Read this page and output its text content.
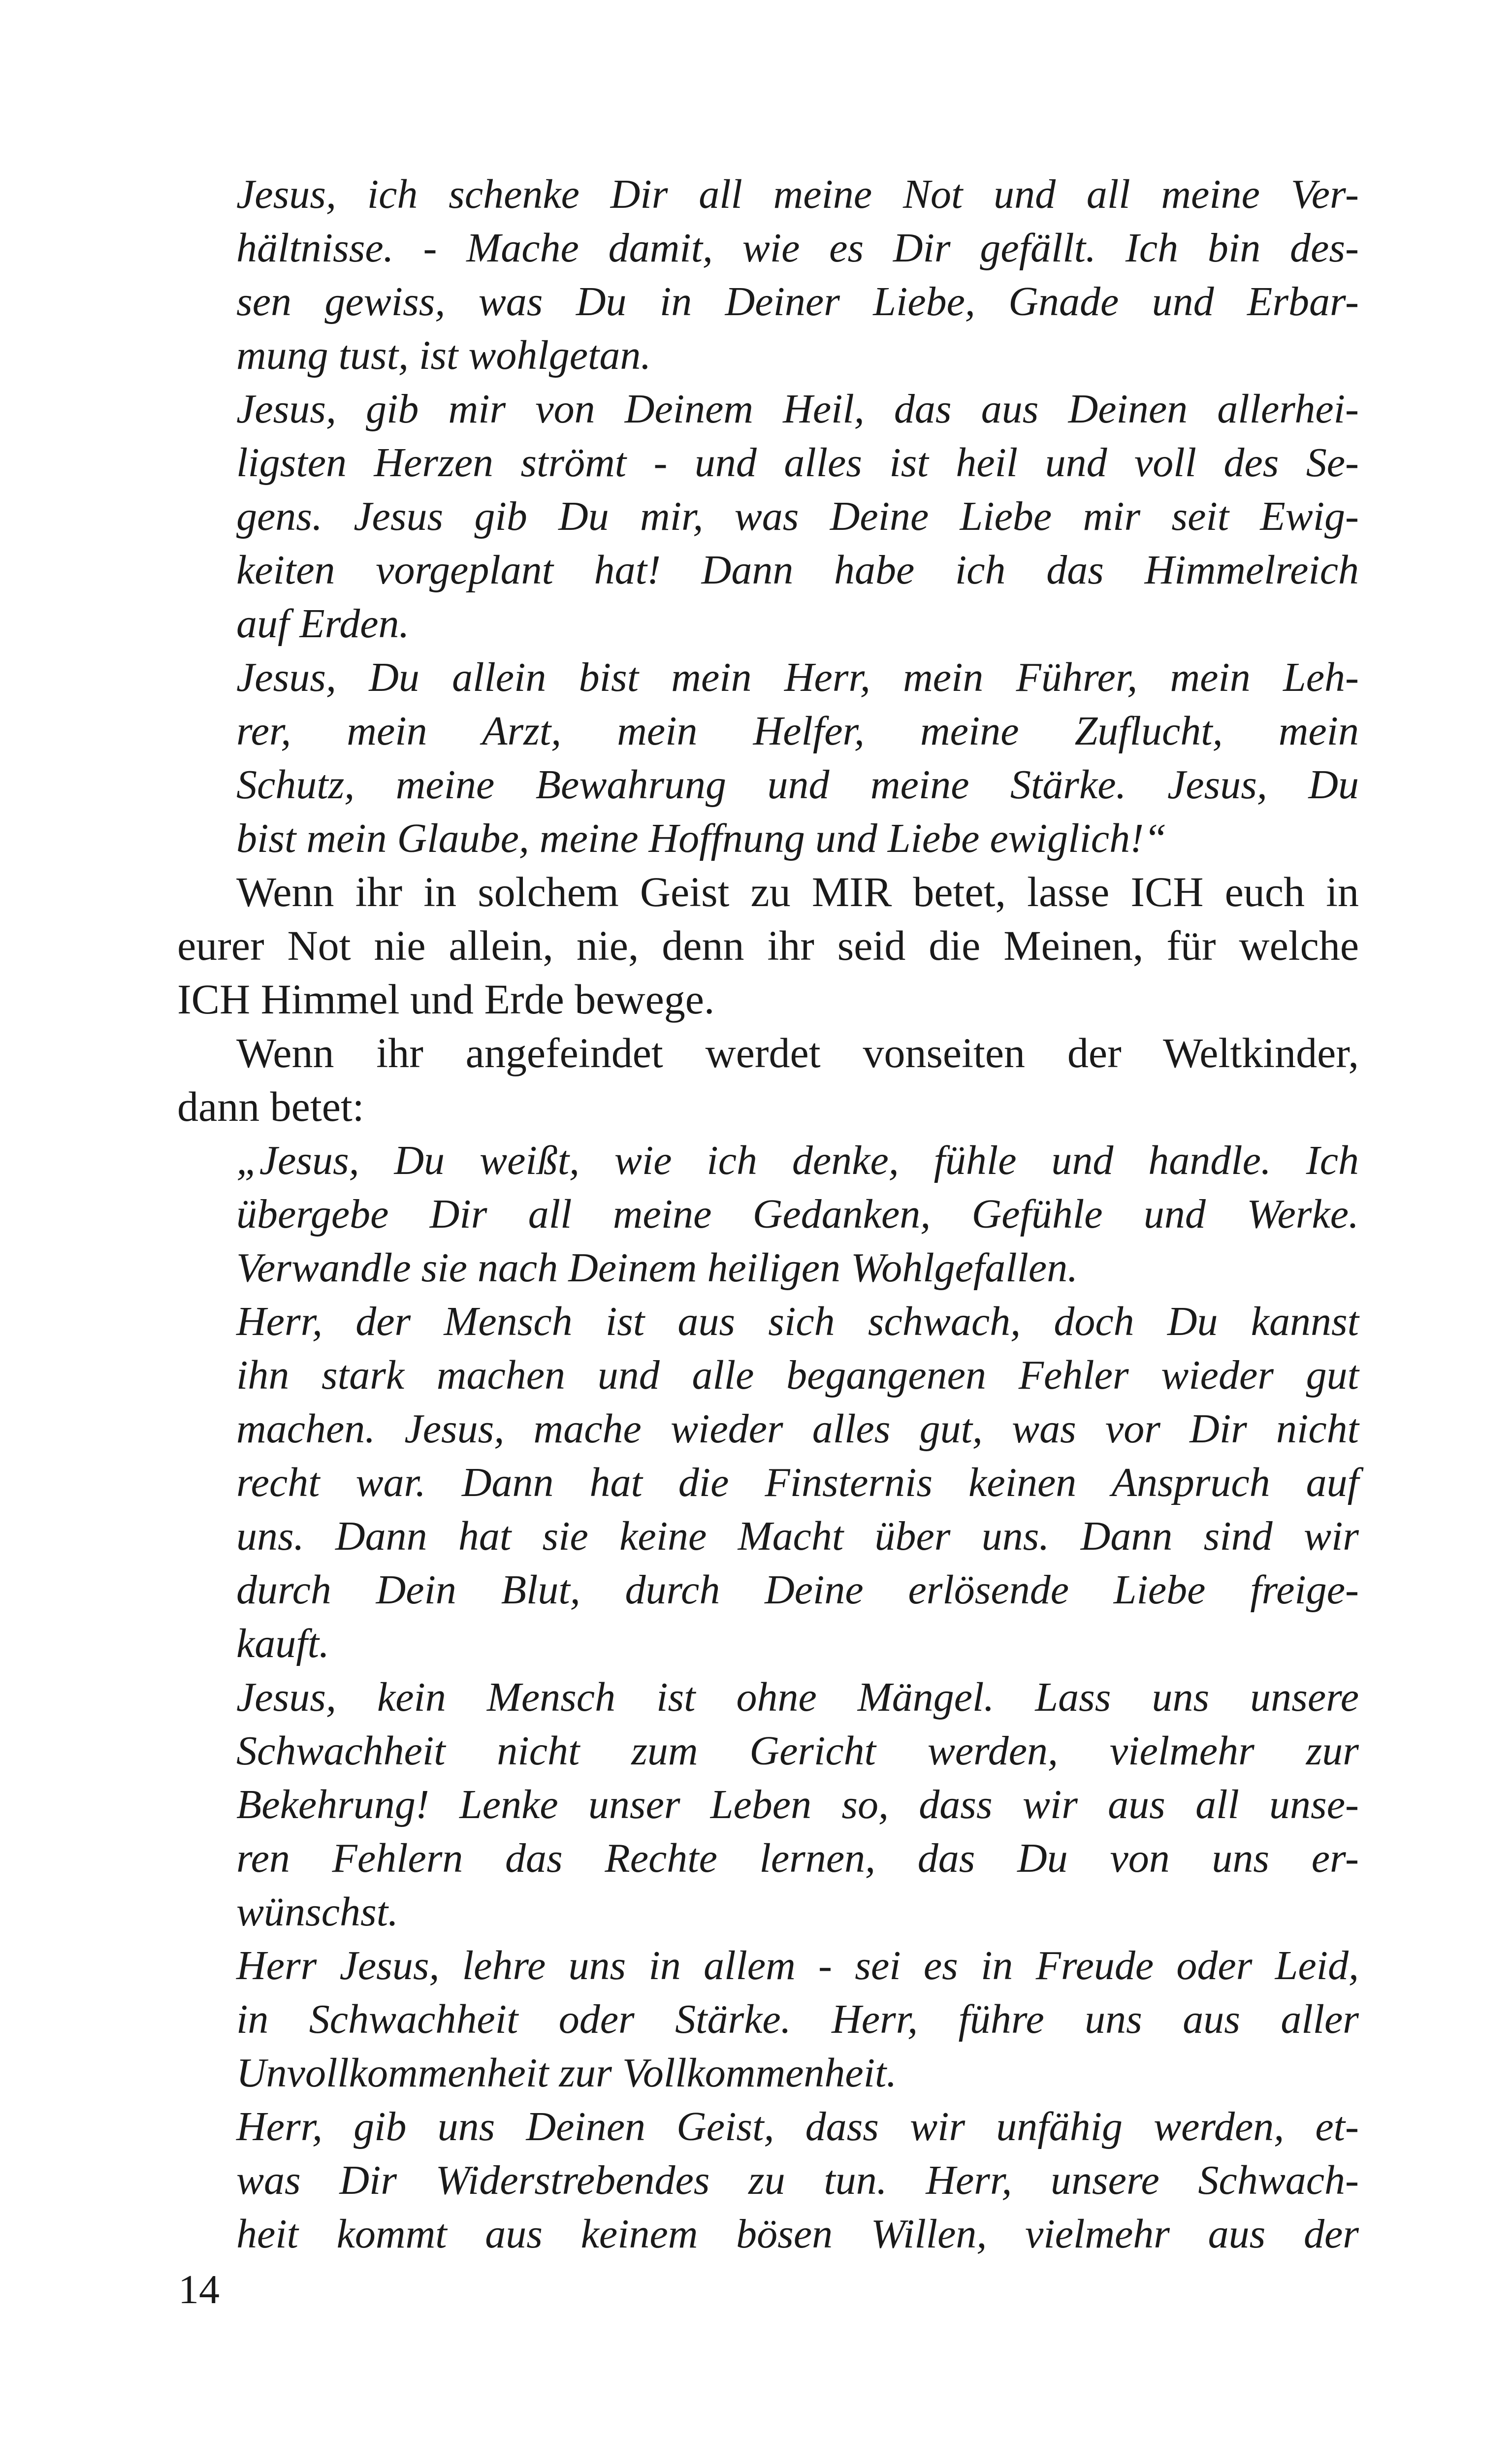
Jesus, ich schenke Dir all meine Not und all meine Ver-
hältnisse. - Mache damit, wie es Dir gefällt. Ich bin des-
sen gewiss, was Du in Deiner Liebe, Gnade und Erbar-
mung tust, ist wohlgetan.
Jesus, gib mir von Deinem Heil, das aus Deinen allerhei-
ligsten Herzen strömt - und alles ist heil und voll des Se-
gens. Jesus gib Du mir, was Deine Liebe mir seit Ewig-
keiten vorgeplant hat! Dann habe ich das Himmelreich
auf Erden.
Jesus, Du allein bist mein Herr, mein Führer, mein Leh-
rer, mein Arzt, mein Helfer, meine Zuflucht, mein
Schutz, meine Bewahrung und meine Stärke. Jesus, Du
bist mein Glaube, meine Hoffnung und Liebe ewiglich!“
Wenn ihr in solchem Geist zu MIR betet, lasse ICH euch in
eurer Not nie allein, nie, denn ihr seid die Meinen, für welche
ICH Himmel und Erde bewege.
Wenn ihr angefeindet werdet vonseiten der Weltkinder,
dann betet:
„Jesus, Du weißt, wie ich denke, fühle und handle. Ich
übergebe Dir all meine Gedanken, Gefühle und Werke.
Verwandle sie nach Deinem heiligen Wohlgefallen.
Herr, der Mensch ist aus sich schwach, doch Du kannst
ihn stark machen und alle begangenen Fehler wieder gut
machen. Jesus, mache wieder alles gut, was vor Dir nicht
recht war. Dann hat die Finsternis keinen Anspruch auf
uns. Dann hat sie keine Macht über uns. Dann sind wir
durch Dein Blut, durch Deine erlösende Liebe freige-
kauft.
Jesus, kein Mensch ist ohne Mängel. Lass uns unsere
Schwachheit nicht zum Gericht werden, vielmehr zur
Bekehrung! Lenke unser Leben so, dass wir aus all unse-
ren Fehlern das Rechte lernen, das Du von uns er-
wünschst.
Herr Jesus, lehre uns in allem - sei es in Freude oder Leid,
in Schwachheit oder Stärke. Herr, führe uns aus aller
Unvollkommenheit zur Vollkommenheit.
Herr, gib uns Deinen Geist, dass wir unfähig werden, et-
was Dir Widerstrebendes zu tun. Herr, unsere Schwach-
heit kommt aus keinem bösen Willen, vielmehr aus der
14
